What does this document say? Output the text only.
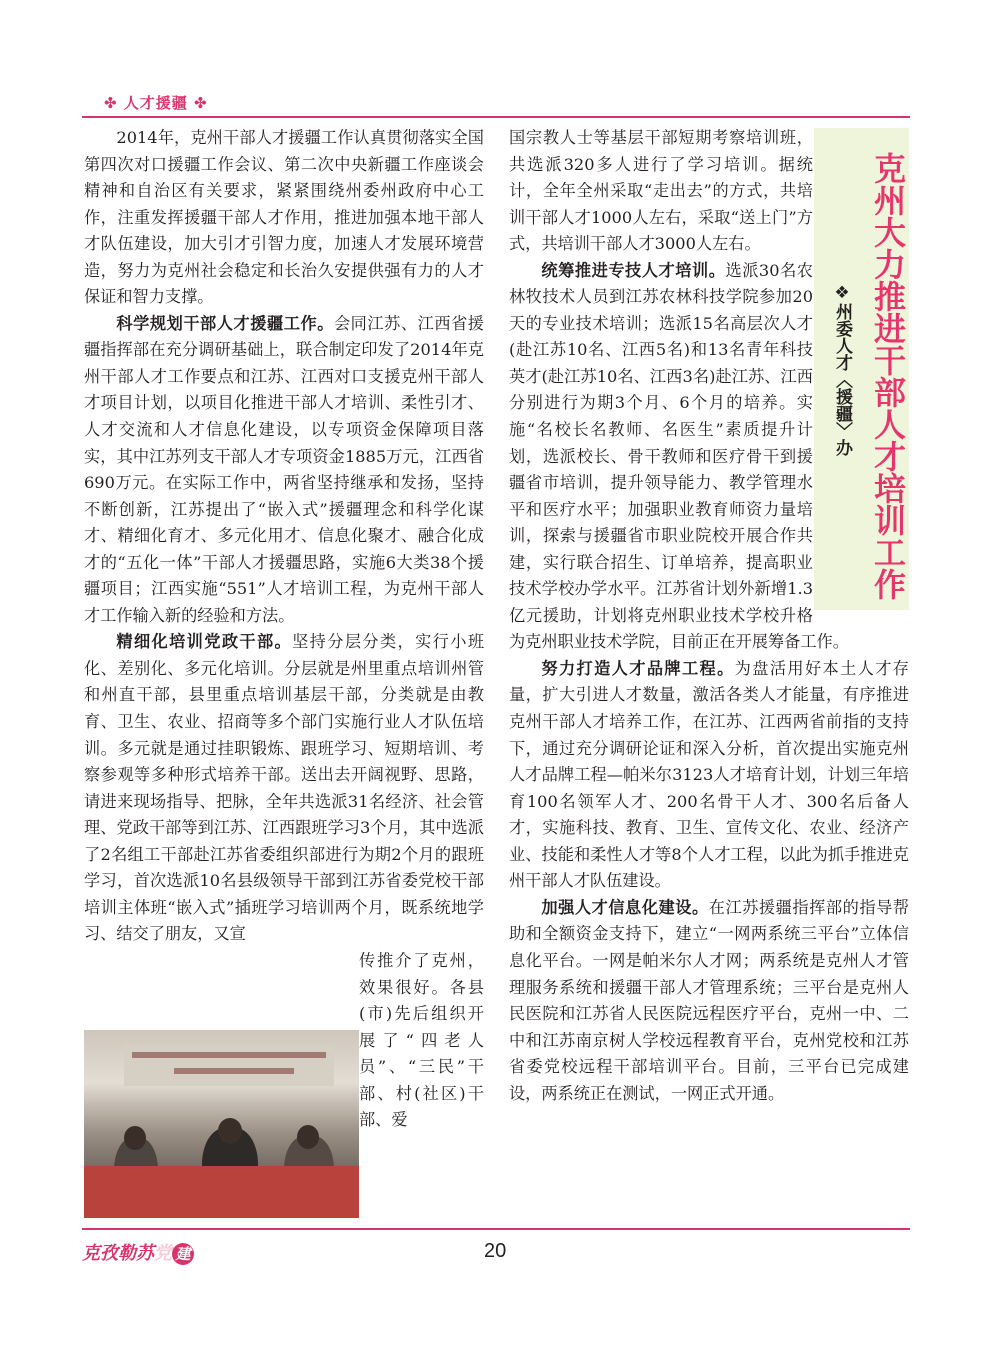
✤ 人才援疆 ✤

2014年，克州干部人才援疆工作认真贯彻落实全国第四次对口援疆工作会议、第二次中央新疆工作座谈会精神和自治区有关要求，紧紧围绕州委州政府中心工作，注重发挥援疆干部人才作用，推进加强本地干部人才队伍建设，加大引才引智力度，加速人才发展环境营造，努力为克州社会稳定和长治久安提供强有力的人才保证和智力支撑。

科学规划干部人才援疆工作。会同江苏、江西省援疆指挥部在充分调研基础上，联合制定印发了2014年克州干部人才工作要点和江苏、江西对口支援克州干部人才项目计划，以项目化推进干部人才培训、柔性引才、人才交流和人才信息化建设，以专项资金保障项目落实，其中江苏列支干部人才专项资金1885万元，江西省690万元。在实际工作中，两省坚持继承和发扬，坚持不断创新，江苏提出了“嵌入式”援疆理念和科学化谋才、精细化育才、多元化用才、信息化聚才、融合化成才的“五化一体”干部人才援疆思路，实施6大类38个援疆项目；江西实施“551”人才培训工程，为克州干部人才工作输入新的经验和方法。

精细化培训党政干部。坚持分层分类，实行小班化、差别化、多元化培训。分层就是州里重点培训州管和州直干部，县里重点培训基层干部，分类就是由教育、卫生、农业、招商等多个部门实施行业人才队伍培训。多元就是通过挂职锻炼、跟班学习、短期培训、考察参观等多种形式培养干部。送出去开阔视野、思路，请进来现场指导、把脉，全年共选派31名经济、社会管理、党政干部等到江苏、江西跟班学习3个月，其中选派了2名组工干部赴江苏省委组织部进行为期2个月的跟班学习，首次选派10名县级领导干部到江苏省委党校干部培训主体班“嵌入式”插班学习培训两个月，既系统地学习、结交了朋友，又宣

传推介了克州，效果很好。各县(市)先后组织开展了“四老人员”、“三民”干部、村(社区)干部、爱

国宗教人士等基层干部短期考察培训班，共选派320多人进行了学习培训。据统计，全年全州采取“走出去”的方式，共培训干部人才1000人左右，采取“送上门”方式，共培训干部人才3000人左右。

统筹推进专技人才培训。选派30名农林牧技术人员到江苏农林科技学院参加20天的专业技术培训；选派15名高层次人才(赴江苏10名、江西5名)和13名青年科技英才(赴江苏10名、江西3名)赴江苏、江西分别进行为期3个月、6个月的培养。实施“名校长名教师、名医生”素质提升计划，选派校长、骨干教师和医疗骨干到援疆省市培训，提升领导能力、教学管理水平和医疗水平；加强职业教育师资力量培训，探索与援疆省市职业院校开展合作共建，实行联合招生、订单培养，提高职业技术学校办学水平。江苏省计划外新增1.3亿元援助，计划将克州职业技术学校升格为克州职业技术学院，目前正在开展筹备工作。

努力打造人才品牌工程。为盘活用好本土人才存量，扩大引进人才数量，激活各类人才能量，有序推进克州干部人才培养工作，在江苏、江西两省前指的支持下，通过充分调研论证和深入分析，首次提出实施克州人才品牌工程—帕米尔3123人才培育计划，计划三年培育100名领军人才、200名骨干人才、300名后备人才，实施科技、教育、卫生、宣传文化、农业、经济产业、技能和柔性人才等8个人才工程，以此为抓手推进克州干部人才队伍建设。

加强人才信息化建设。在江苏援疆指挥部的指导帮助和全额资金支持下，建立“一网两系统三平台”立体信息化平台。一网是帕米尔人才网；两系统是克州人才管理服务系统和援疆干部人才管理系统；三平台是克州人民医院和江苏省人民医院远程医疗平台，克州一中、二中和江苏南京树人学校远程教育平台，克州党校和江苏省委党校远程干部培训平台。目前，三平台已完成建设，两系统正在测试，一网正式开通。

克州大力推进干部人才培训工作
❖州委人才〈援疆〉办
克孜勒苏党 建	20
